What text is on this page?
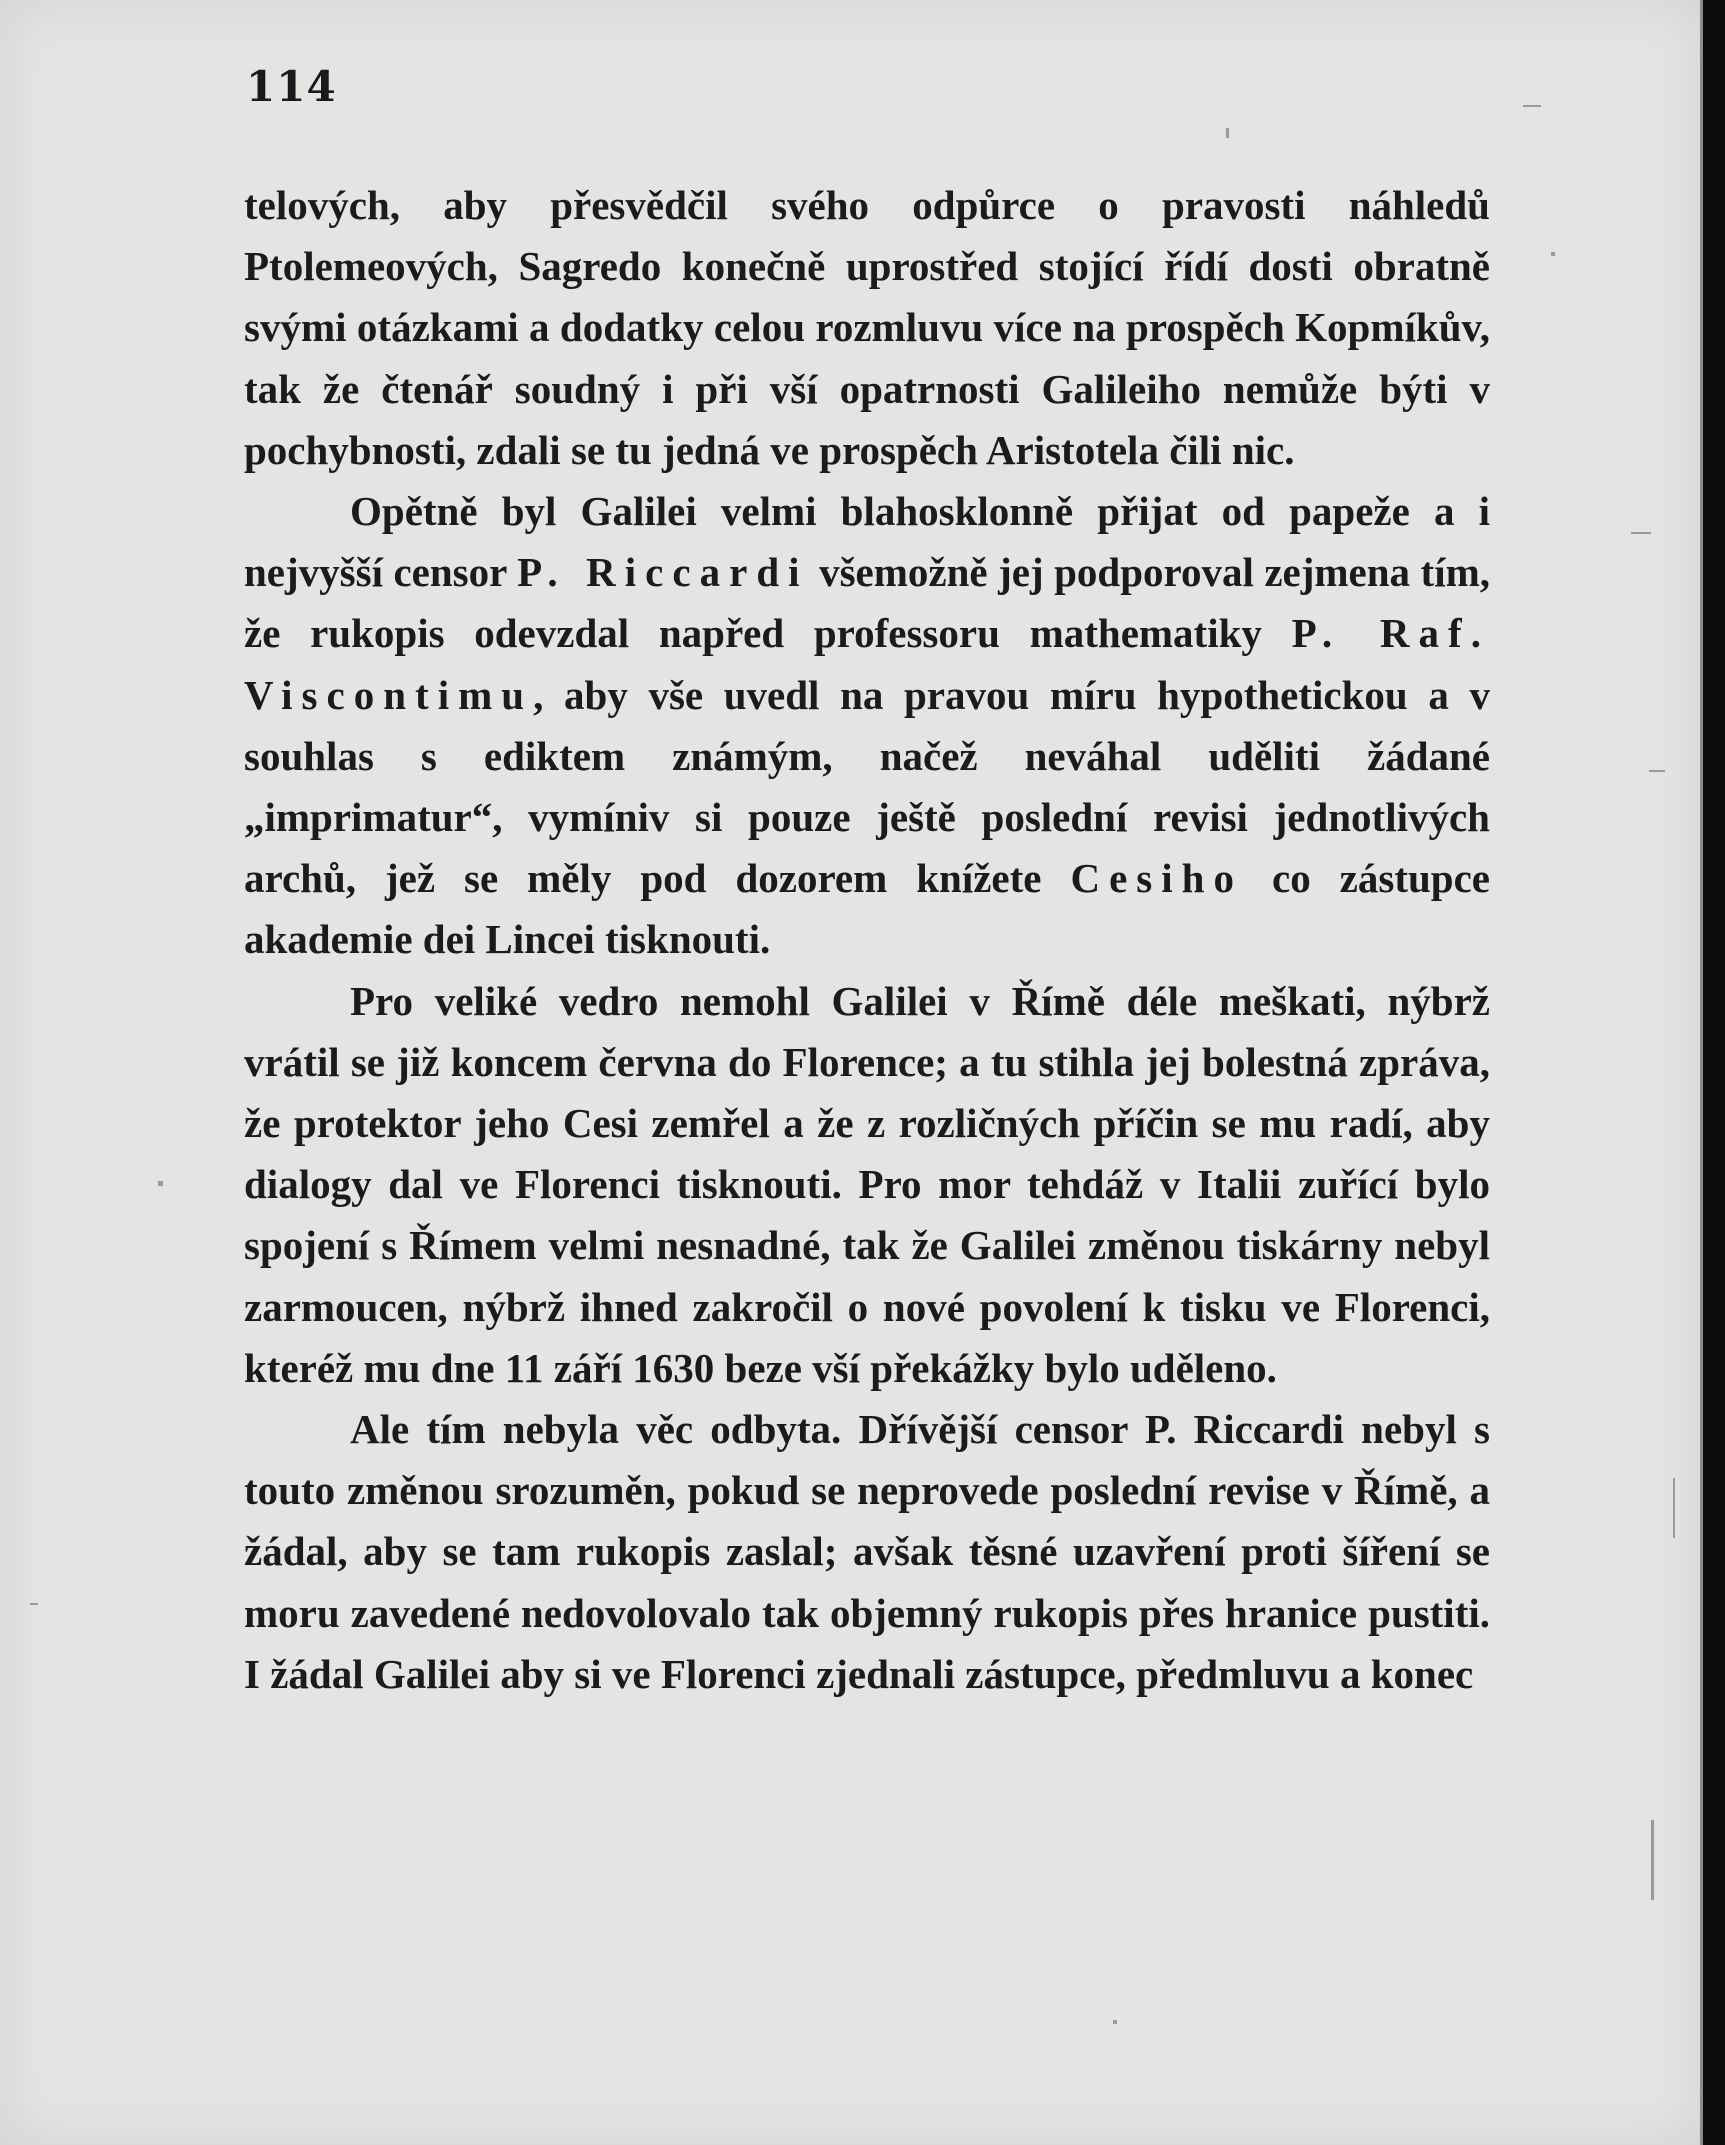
114

telových, aby přesvědčil svého odpůrce o pravosti náhledů Ptolemeových, Sagredo konečně uprostřed stojící řídí dosti obratně svými otázkami a dodatky celou rozmluvu více na prospěch Kopmíkův, tak že čtenář soudný i při vší opatrnosti Galileiho nemůže býti v pochybnosti, zdali se tu jedná ve prospěch Aristotela čili nic.

Opětně byl Galilei velmi blahosklonně přijat od papeže a i nejvyšší censor P. Riccardi všemožně jej podporoval zejmena tím, že rukopis odevzdal napřed professoru mathematiky P. Raf. Viscontimu, aby vše uvedl na pravou míru hypothetickou a v souhlas s ediktem známým, načež neváhal uděliti žádané „imprimatur“, vymíniv si pouze ještě poslední revisi jednotlivých archů, jež se měly pod dozorem knížete Cesiho co zástupce akademie dei Lincei tisknouti.

Pro veliké vedro nemohl Galilei v Římě déle meškati, nýbrž vrátil se již koncem června do Florence; a tu stihla jej bolestná zpráva, že protektor jeho Cesi zemřel a že z rozličných příčin se mu radí, aby dialogy dal ve Florenci tisknouti. Pro mor tehdáž v Italii zuřící bylo spojení s Římem velmi nesnadné, tak že Galilei změnou tiskárny nebyl zarmoucen, nýbrž ihned zakročil o nové povolení k tisku ve Florenci, kteréž mu dne 11 září 1630 beze vší překážky bylo uděleno.

Ale tím nebyla věc odbyta. Dřívější censor P. Riccardi nebyl s touto změnou srozuměn, pokud se neprovede poslední revise v Římě, a žádal, aby se tam rukopis zaslal; avšak těsné uzavření proti šíření se moru zavedené nedovolovalo tak objemný rukopis přes hranice pustiti. I žádal Galilei aby si ve Florenci zjednali zástupce, předmluvu a konec
